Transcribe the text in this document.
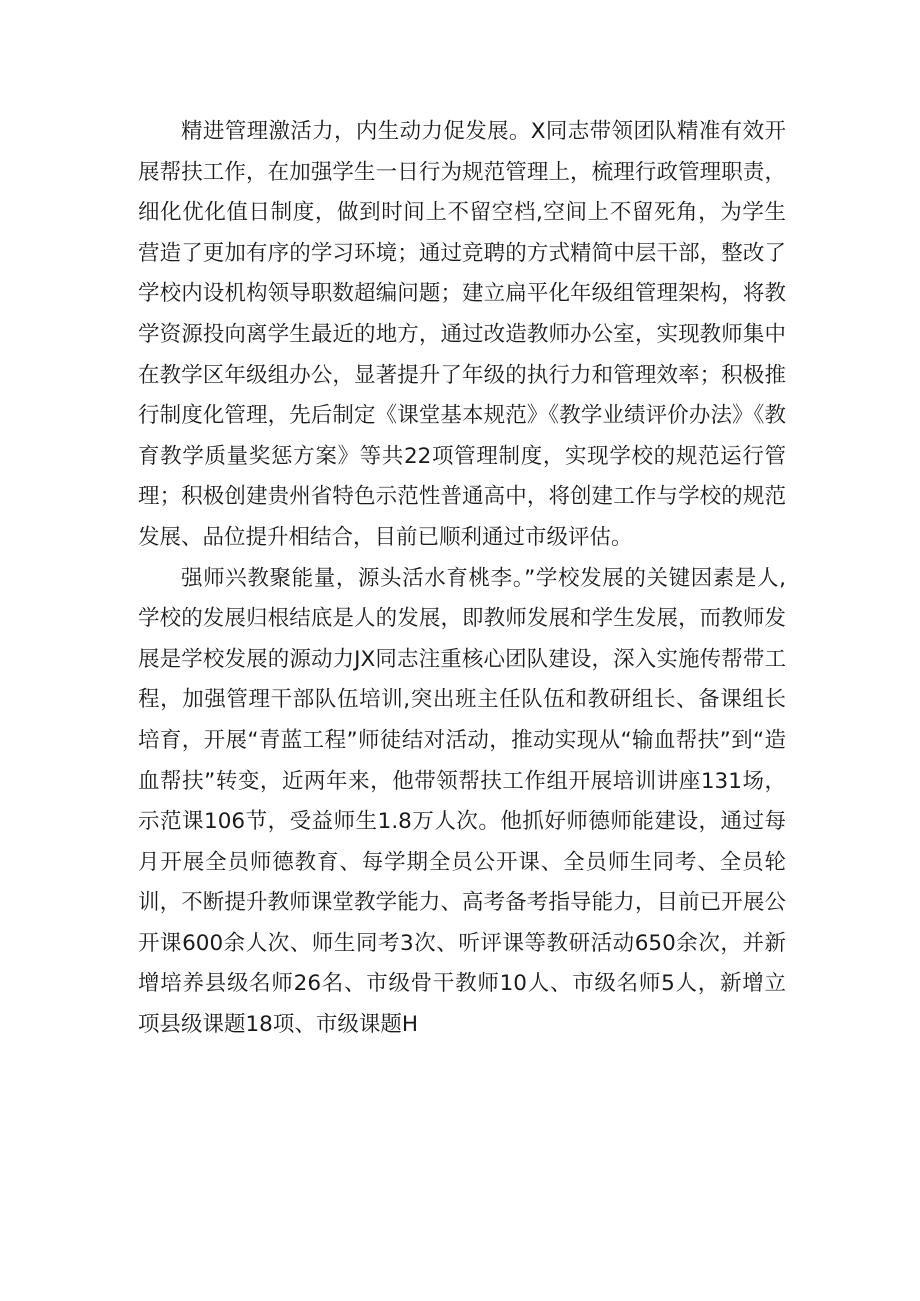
精进管理激活力，内生动力促发展。X同志带领团队精准有效开展帮扶工作，在加强学生一日行为规范管理上，梳理行政管理职责，细化优化值日制度，做到时间上不留空档,空间上不留死角，为学生营造了更加有序的学习环境；通过竞聘的方式精简中层干部，整改了学校内设机构领导职数超编问题；建立扁平化年级组管理架构，将教学资源投向离学生最近的地方，通过改造教师办公室，实现教师集中在教学区年级组办公，显著提升了年级的执行力和管理效率；积极推行制度化管理，先后制定《课堂基本规范》《教学业绩评价办法》《教育教学质量奖惩方案》等共22项管理制度，实现学校的规范运行管理；积极创建贵州省特色示范性普通高中，将创建工作与学校的规范发展、品位提升相结合，目前已顺利通过市级评估。

强师兴教聚能量，源头活水育桃李。”学校发展的关键因素是人,学校的发展归根结底是人的发展，即教师发展和学生发展，而教师发展是学校发展的源动力JX同志注重核心团队建设，深入实施传帮带工程，加强管理干部队伍培训,突出班主任队伍和教研组长、备课组长培育，开展“青蓝工程”师徒结对活动，推动实现从“输血帮扶”到“造血帮扶”转变，近两年来，他带领帮扶工作组开展培训讲座131场，示范课106节，受益师生1.8万人次。他抓好师德师能建设，通过每月开展全员师德教育、每学期全员公开课、全员师生同考、全员轮训，不断提升教师课堂教学能力、高考备考指导能力，目前已开展公开课600余人次、师生同考3次、听评课等教研活动650余次，并新增培养县级名师26名、市级骨干教师10人、市级名师5人，新增立项县级课题18项、市级课题H
